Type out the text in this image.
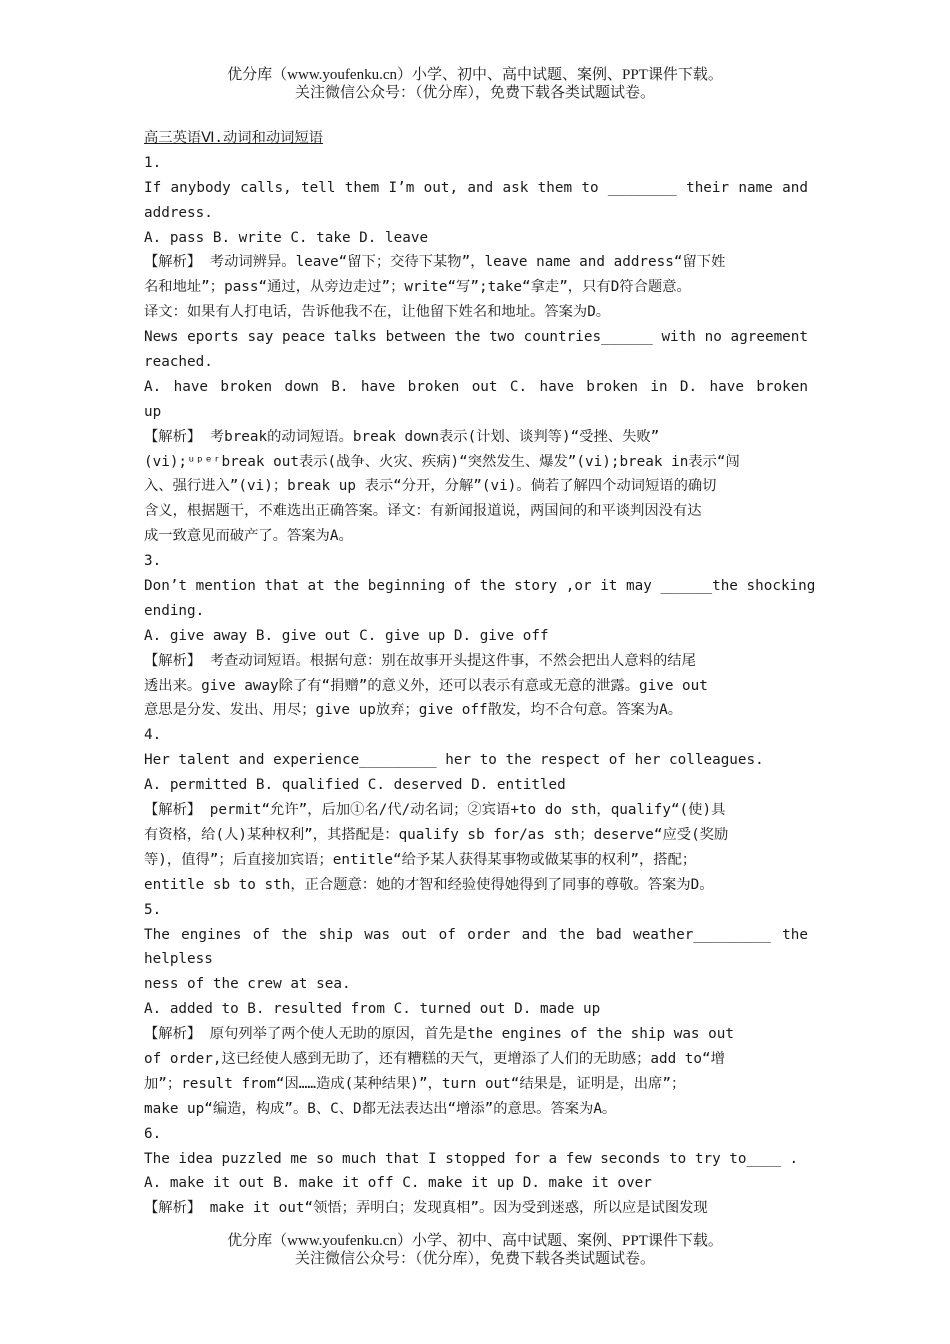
优分库（www.youfenku.cn）小学、初中、高中试题、案例、PPT课件下载。
关注微信公众号：（优分库），免费下载各类试题试卷。
高三英语Ⅵ.动词和动词短语
1.
If anybody calls, tell them I’m out, and ask them to ________ their name and
address.
A. pass B. write C. take D. leave
【解析】 考动词辨异。leave“留下；交待下某物”，leave name and address“留下姓
名和地址”；pass“通过，从旁边走过”；write“写”;take“拿走”，只有D符合题意。
译文：如果有人打电话，告诉他我不在，让他留下姓名和地址。答案为D。
News eports say peace talks between the two countries______ with no agreement
reached.
A. have broken down B. have broken out C. have broken in D. have broken
up
【解析】 考break的动词短语。break down表示(计划、谈判等)“受挫、失败”
(vi);ᵘᵖᵉʳbreak out表示(战争、火灾、疾病)“突然发生、爆发”(vi);break in表示“闯
入、强行进入”(vi)；break up 表示“分开，分解”(vi)。倘若了解四个动词短语的确切
含义，根据题干，不难选出正确答案。译文：有新闻报道说，两国间的和平谈判因没有达
成一致意见而破产了。答案为A。
3.
Don’t mention that at the beginning of the story ,or it may ______the shocking
ending.
A. give away B. give out C. give up D. give off
【解析】 考查动词短语。根据句意：别在故事开头提这件事，不然会把出人意料的结尾
透出来。give away除了有“捐赠”的意义外，还可以表示有意或无意的泄露。give out
意思是分发、发出、用尽；give up放弃；give off散发，均不合句意。答案为A。
4.
Her talent and experience_________ her to the respect of her colleagues.
A. permitted B. qualified C. deserved D. entitled
【解析】 permit“允许”，后加①名/代/动名词；②宾语+to do sth，qualify“(使)具
有资格，给(人)某种权利”，其搭配是：qualify sb for/as sth；deserve“应受(奖励
等)，值得”；后直接加宾语；entitle“给予某人获得某事物或做某事的权利”，搭配；
entitle sb to sth，正合题意：她的才智和经验使得她得到了同事的尊敬。答案为D。
5.
The engines of the ship was out of order and the bad weather_________ the
helpless
ness of the crew at sea.
A. added to B. resulted from C. turned out D. made up
【解析】 原句列举了两个使人无助的原因，首先是the engines of the ship was out
of order,这已经使人感到无助了，还有糟糕的天气，更增添了人们的无助感；add to“增
加”；result from“因……造成(某种结果)”，turn out“结果是，证明是，出席”；
make up“编造，构成”。B、C、D都无法表达出“增添”的意思。答案为A。
6.
The idea puzzled me so much that I stopped for a few seconds to try to____ .
A. make it out B. make it off C. make it up D. make it over
【解析】 make it out“领悟；弄明白；发现真相”。因为受到迷惑，所以应是试图发现
优分库（www.youfenku.cn）小学、初中、高中试题、案例、PPT课件下载。
关注微信公众号：（优分库），免费下载各类试题试卷。
